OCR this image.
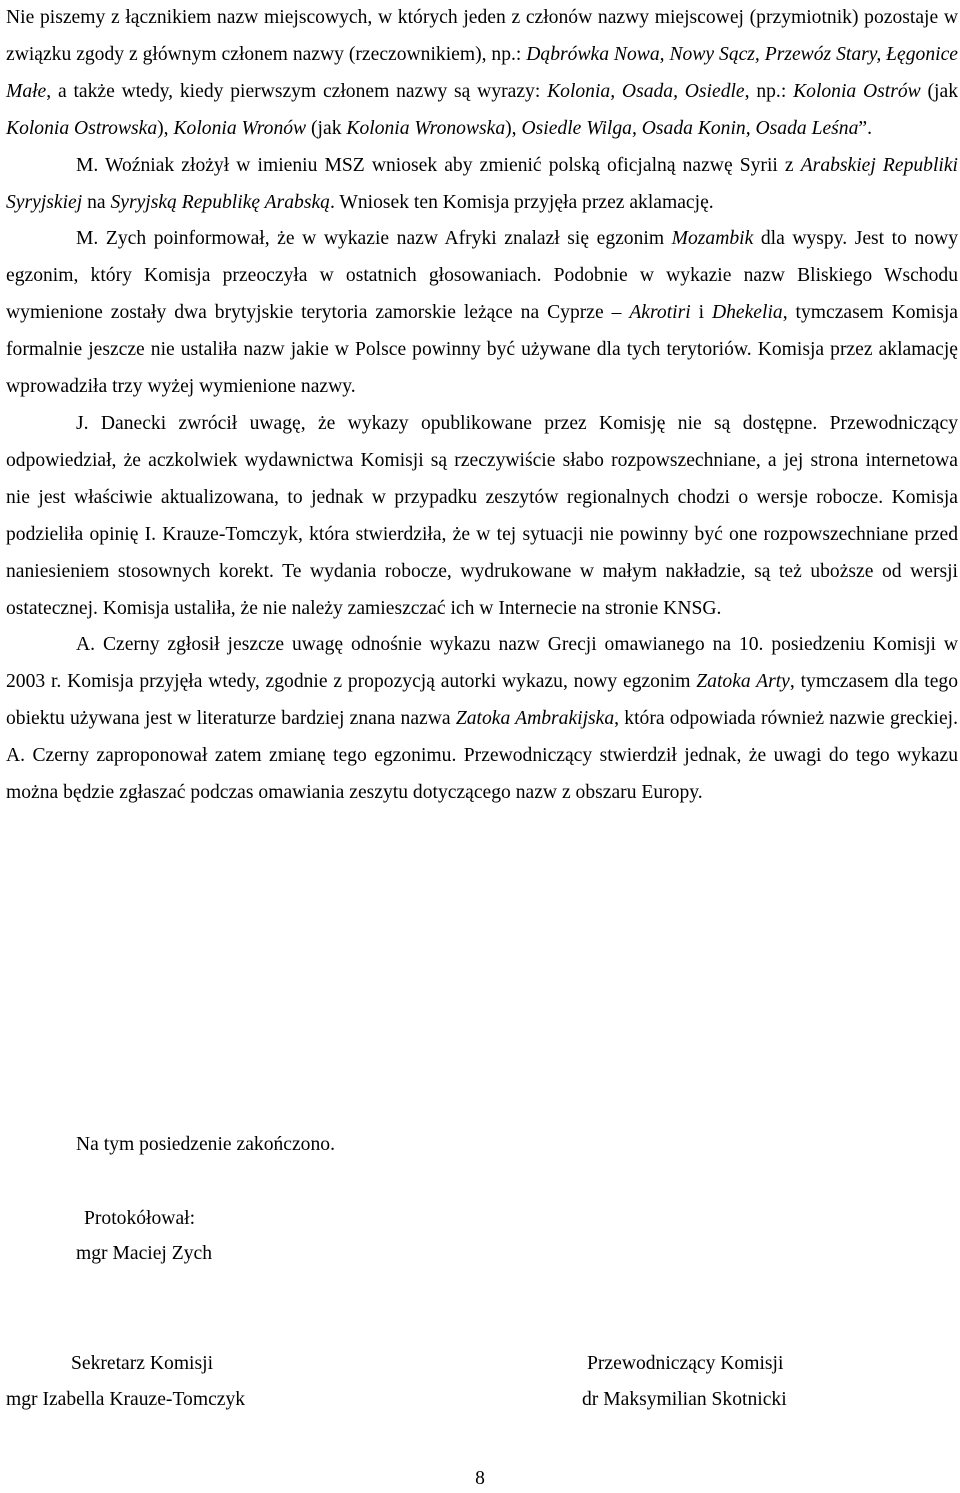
Nie piszemy z łącznikiem nazw miejscowych, w których jeden z członów nazwy miejscowej (przymiotnik) pozostaje w związku zgody z głównym członem nazwy (rzeczownikiem), np.: Dąbrówka Nowa, Nowy Sącz, Przewóz Stary, Łęgonice Małe, a także wtedy, kiedy pierwszym członem nazwy są wyrazy: Kolonia, Osada, Osiedle, np.: Kolonia Ostrów (jak Kolonia Ostrowska), Kolonia Wronów (jak Kolonia Wronowska), Osiedle Wilga, Osada Konin, Osada Leśna”.

M. Woźniak złożył w imieniu MSZ wniosek aby zmienić polską oficjalną nazwę Syrii z Arabskiej Republiki Syryjskiej na Syryjską Republikę Arabską. Wniosek ten Komisja przyjęła przez aklamację.

M. Zych poinformował, że w wykazie nazw Afryki znalazł się egzonim Mozambik dla wyspy. Jest to nowy egzonim, który Komisja przeoczyła w ostatnich głosowaniach. Podobnie w wykazie nazw Bliskiego Wschodu wymienione zostały dwa brytyjskie terytoria zamorskie leżące na Cyprze – Akrotiri i Dhekelia, tymczasem Komisja formalnie jeszcze nie ustaliła nazw jakie w Polsce powinny być używane dla tych terytoriów. Komisja przez aklamację wprowadziła trzy wyżej wymienione nazwy.

J. Danecki zwrócił uwagę, że wykazy opublikowane przez Komisję nie są dostępne. Przewodniczący odpowiedział, że aczkolwiek wydawnictwa Komisji są rzeczywiście słabo rozpowszechniane, a jej strona internetowa nie jest właściwie aktualizowana, to jednak w przypadku zeszytów regionalnych chodzi o wersje robocze. Komisja podzieliła opinię I. Krauze-Tomczyk, która stwierdziła, że w tej sytuacji nie powinny być one rozpowszechniane przed naniesieniem stosownych korekt. Te wydania robocze, wydrukowane w małym nakładzie, są też uboższe od wersji ostatecznej. Komisja ustaliła, że nie należy zamieszczać ich w Internecie na stronie KNSG.

A. Czerny zgłosił jeszcze uwagę odnośnie wykazu nazw Grecji omawianego na 10. posiedzeniu Komisji w 2003 r. Komisja przyjęła wtedy, zgodnie z propozycją autorki wykazu, nowy egzonim Zatoka Arty, tymczasem dla tego obiektu używana jest w literaturze bardziej znana nazwa Zatoka Ambrakijska, która odpowiada również nazwie greckiej. A. Czerny zaproponował zatem zmianę tego egzonimu. Przewodniczący stwierdził jednak, że uwagi do tego wykazu można będzie zgłaszać podczas omawiania zeszytu dotyczącego nazw z obszaru Europy.

Na tym posiedzenie zakończono.
Protokółował:
mgr Maciej Zych
Sekretarz Komisji
mgr Izabella Krauze-Tomczyk
Przewodniczący Komisji
dr Maksymilian Skotnicki
8
